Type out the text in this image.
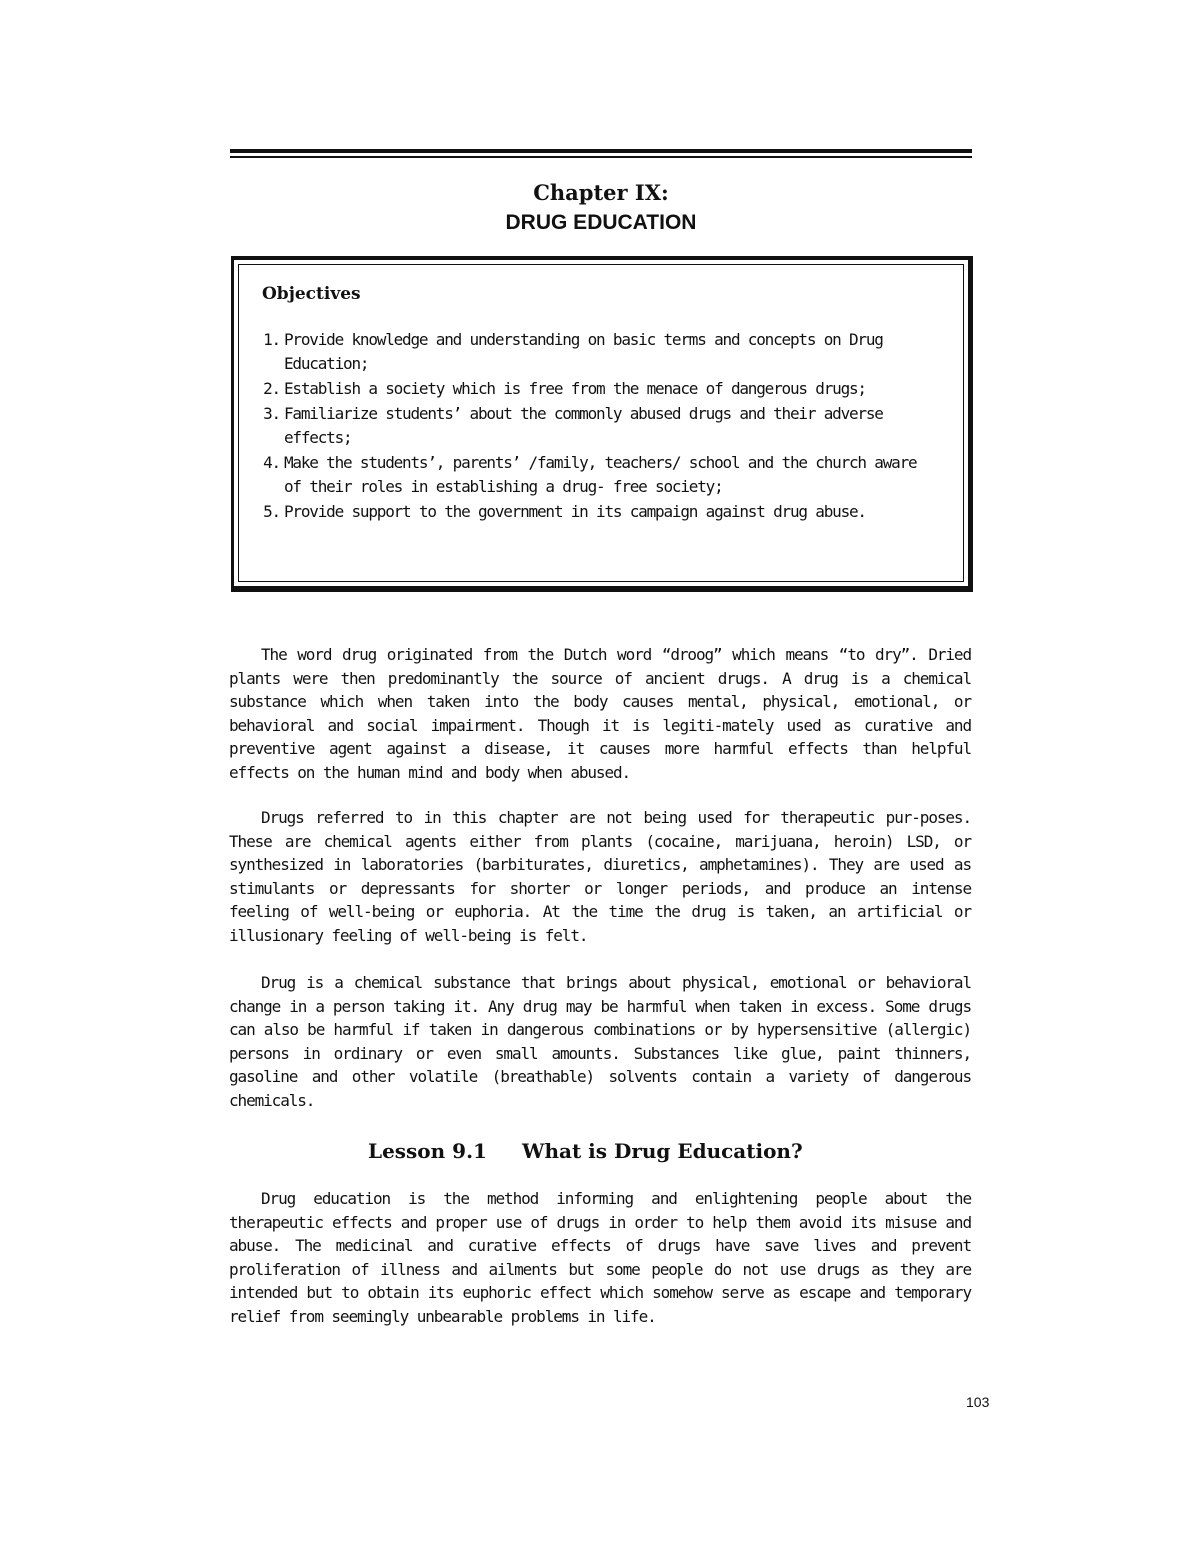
Chapter IX:
DRUG EDUCATION
Objectives
1. Provide knowledge and understanding on basic terms and concepts on Drug Education;
2. Establish a society which is free from the menace of dangerous drugs;
3. Familiarize students’ about the commonly abused drugs and their adverse effects;
4. Make the students’, parents’ /family, teachers/ school and the church aware of their roles in establishing a drug- free society;
5. Provide support to the government in its campaign against drug abuse.

The word drug originated from the Dutch word “droog” which means “to dry”. Dried plants were then predominantly the source of ancient drugs. A drug is a chemical substance which when taken into the body causes mental, physical, emotional, or behavioral and social impairment. Though it is legiti-mately used as curative and preventive agent against a disease, it causes more harmful effects than helpful effects on the human mind and body when abused.

Drugs referred to in this chapter are not being used for therapeutic pur-poses. These are chemical agents either from plants (cocaine, marijuana, heroin) LSD, or synthesized in laboratories (barbiturates, diuretics, amphetamines). They are used as stimulants or depressants for shorter or longer periods, and produce an intense feeling of well-being or euphoria. At the time the drug is taken, an artificial or illusionary feeling of well-being is felt.

Drug is a chemical substance that brings about physical, emotional or behavioral change in a person taking it. Any drug may be harmful when taken in excess. Some drugs can also be harmful if taken in dangerous combinations or by hypersensitive (allergic) persons in ordinary or even small amounts. Substances like glue, paint thinners, gasoline and other volatile (breathable) solvents contain a variety of dangerous chemicals.

Lesson 9.1 What is Drug Education?

Drug education is the method informing and enlightening people about the therapeutic effects and proper use of drugs in order to help them avoid its misuse and abuse. The medicinal and curative effects of drugs have save lives and prevent proliferation of illness and ailments but some people do not use drugs as they are intended but to obtain its euphoric effect which somehow serve as escape and temporary relief from seemingly unbearable problems in life.

103
